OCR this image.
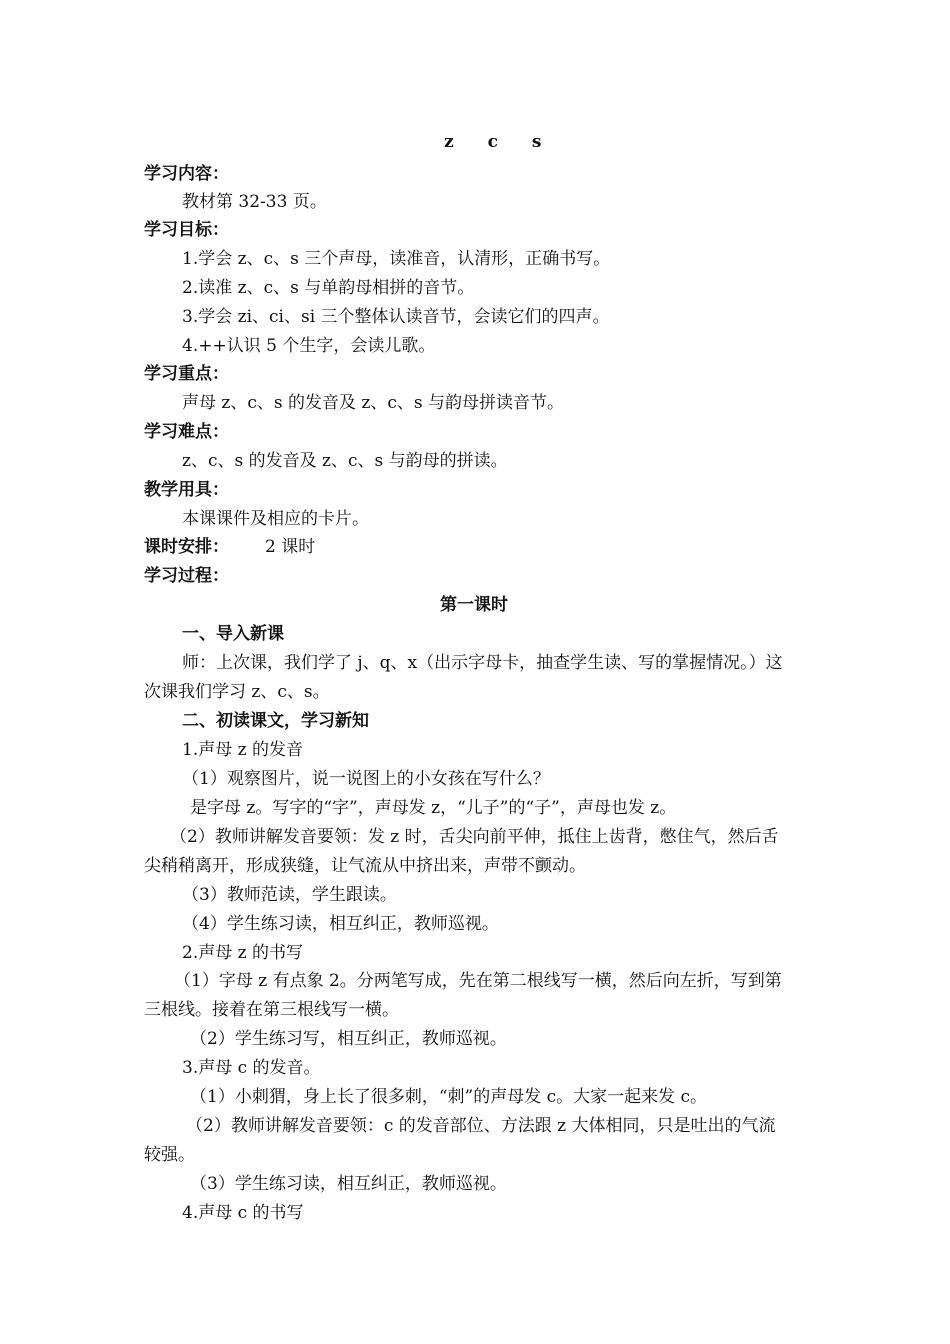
z c s
学习内容：
教材第 32-33 页。
学习目标：
1.学会 z、c、s 三个声母，读准音，认清形，正确书写。
2.读准 z、c、s 与单韵母相拼的音节。
3.学会 zi、ci、si 三个整体认读音节，会读它们的四声。
4.++认识 5 个生字，会读儿歌。
学习重点：
声母 z、c、s 的发音及 z、c、s 与韵母拼读音节。
学习难点：
z、c、s 的发音及 z、c、s 与韵母的拼读。
教学用具：
本课课件及相应的卡片。
课时安排： 2 课时
学习过程：
第一课时
一、导入新课
师：上次课，我们学了 j、q、x（出示字母卡，抽查学生读、写的掌握情况。）这
次课我们学习 z、c、s。
二、初读课文，学习新知
1.声母 z 的发音
（1）观察图片，说一说图上的小女孩在写什么？
是字母 z。写字的“字”，声母发 z，“儿子”的“子”，声母也发 z。
（2）教师讲解发音要领：发 z 时，舌尖向前平伸，抵住上齿背，憋住气，然后舌
尖稍稍离开，形成狭缝，让气流从中挤出来，声带不颤动。
（3）教师范读，学生跟读。
（4）学生练习读，相互纠正，教师巡视。
2.声母 z 的书写
（1）字母 z 有点象 2。分两笔写成，先在第二根线写一横，然后向左折，写到第
三根线。接着在第三根线写一横。
（2）学生练习写，相互纠正，教师巡视。
3.声母 c 的发音。
（1）小刺猬，身上长了很多刺，“刺”的声母发 c。大家一起来发 c。
（2）教师讲解发音要领：c 的发音部位、方法跟 z 大体相同，只是吐出的气流
较强。
（3）学生练习读，相互纠正，教师巡视。
4.声母 c 的书写
